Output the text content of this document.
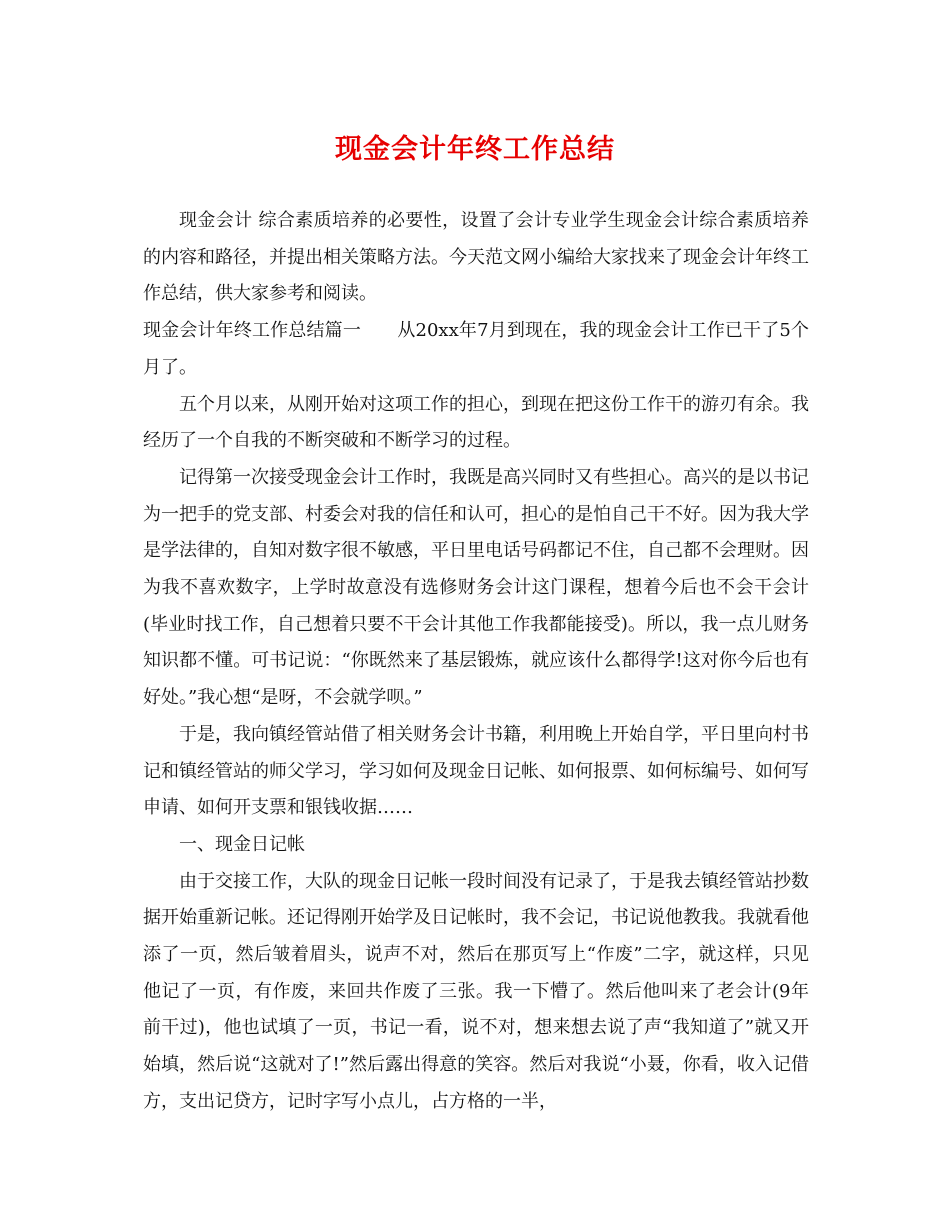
现金会计年终工作总结

现金会计 综合素质培养的必要性，设置了会计专业学生现金会计综合素质培养的内容和路径，并提出相关策略方法。今天范文网小编给大家找来了现金会计年终工作总结，供大家参考和阅读。

现金会计年终工作总结篇一　　从20xx年7月到现在，我的现金会计工作已干了5个月了。

五个月以来，从刚开始对这项工作的担心，到现在把这份工作干的游刃有余。我经历了一个自我的不断突破和不断学习的过程。

记得第一次接受现金会计工作时，我既是高兴同时又有些担心。高兴的是以书记为一把手的党支部、村委会对我的信任和认可，担心的是怕自己干不好。因为我大学是学法律的，自知对数字很不敏感，平日里电话号码都记不住，自己都不会理财。因为我不喜欢数字，上学时故意没有选修财务会计这门课程，想着今后也不会干会计(毕业时找工作，自己想着只要不干会计其他工作我都能接受)。所以，我一点儿财务知识都不懂。可书记说：“你既然来了基层锻炼，就应该什么都得学!这对你今后也有好处。”我心想“是呀，不会就学呗。”

于是，我向镇经管站借了相关财务会计书籍，利用晚上开始自学，平日里向村书记和镇经管站的师父学习，学习如何及现金日记帐、如何报票、如何标编号、如何写申请、如何开支票和银钱收据……

一、现金日记帐

由于交接工作，大队的现金日记帐一段时间没有记录了，于是我去镇经管站抄数据开始重新记帐。还记得刚开始学及日记帐时，我不会记，书记说他教我。我就看他添了一页，然后皱着眉头，说声不对，然后在那页写上“作废”二字，就这样，只见他记了一页，有作废，来回共作废了三张。我一下懵了。然后他叫来了老会计(9年前干过)，他也试填了一页，书记一看，说不对，想来想去说了声“我知道了”就又开始填，然后说“这就对了!”然后露出得意的笑容。然后对我说“小聂，你看，收入记借方，支出记贷方，记时字写小点儿，占方格的一半，
